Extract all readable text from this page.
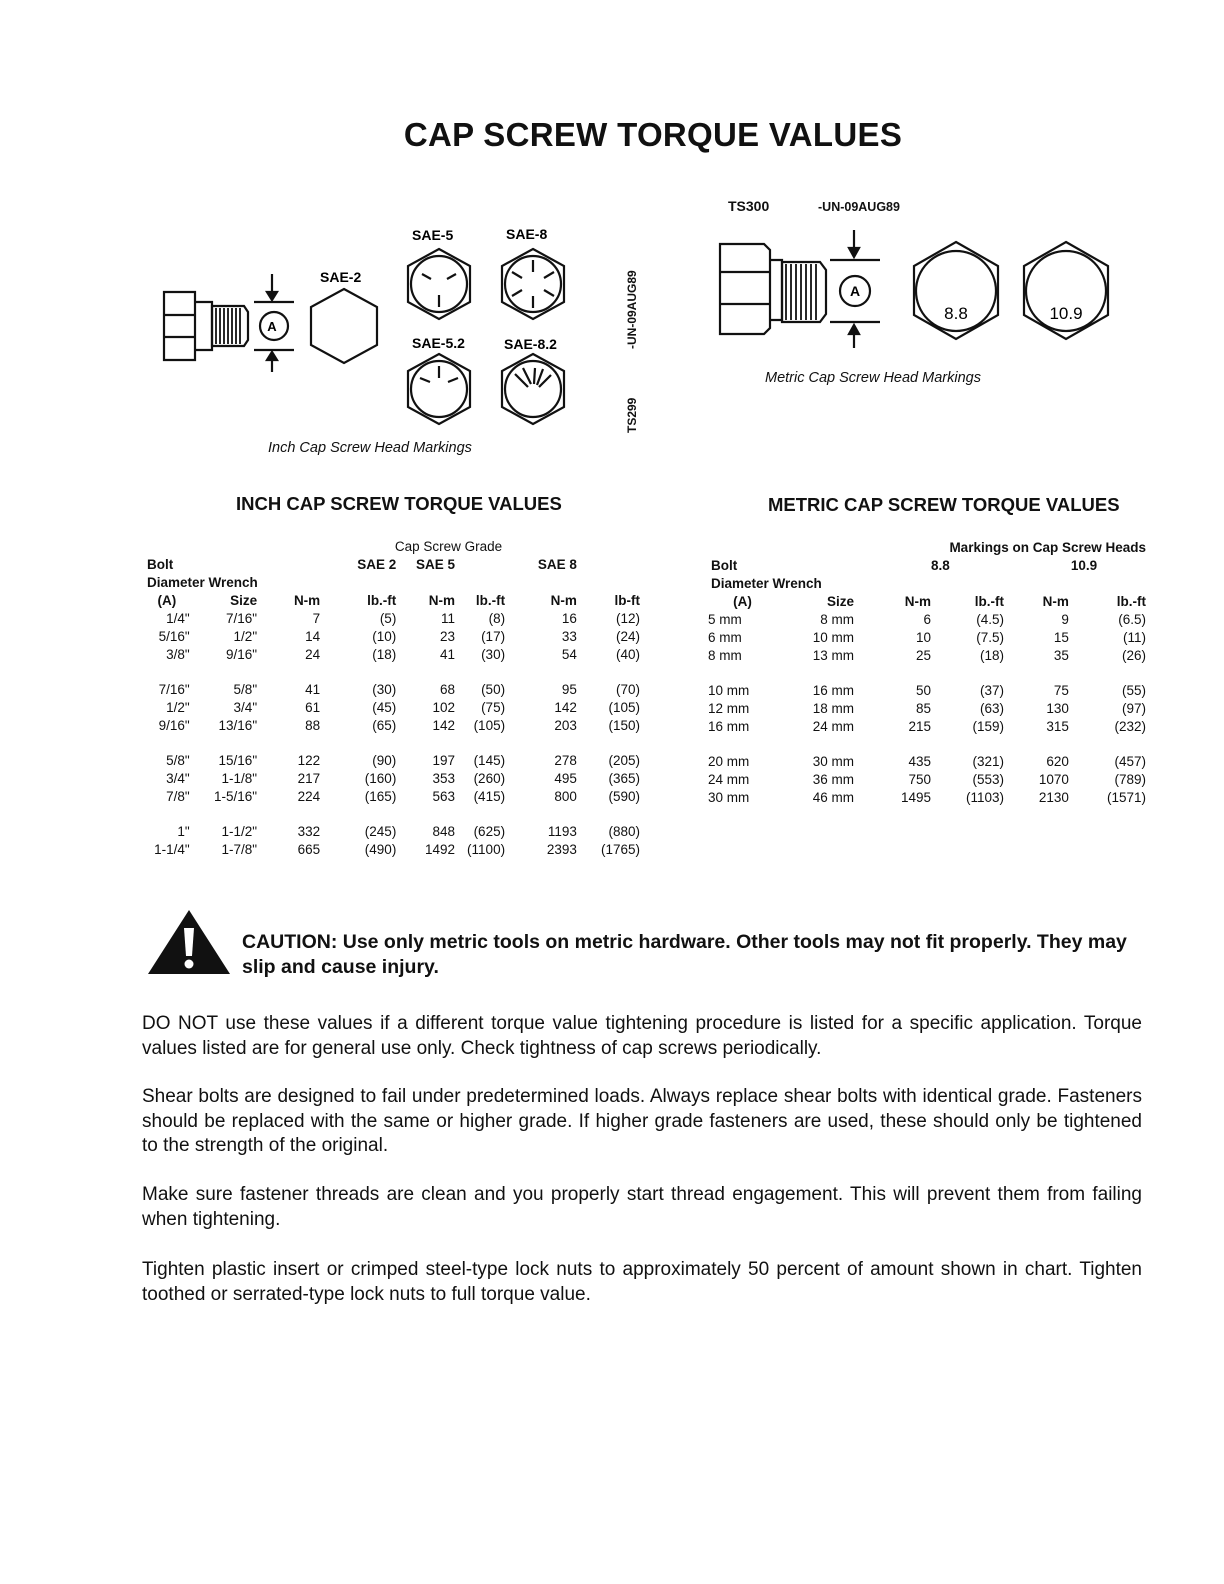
CAP SCREW TORQUE VALUES
A
SAE-2
SAE-5	SAE-8
SAE-5.2	SAE-8.2	-UN-09AUG89
TS299
Inch Cap Screw Head Markings
TS300	-UN-09AUG89
A
8.8	10.9
Metric Cap Screw Head Markings
INCH CAP SCREW TORQUE VALUES	METRIC CAP SCREW TORQUE VALUES
			Cap Screw Grade				
Bolt			SAE 2	SAE 5		SAE 8	
Diameter Wrench							
(A)	Size	N-m	lb.-ft	N-m	lb.-ft	N-m	lb-ft
1/4"	7/16"	7	(5)	11	(8)	16	(12)
5/16"	1/2"	14	(10)	23	(17)	33	(24)
3/8"	9/16"	24	(18)	41	(30)	54	(40)

7/16"	5/8"	41	(30)	68	(50)	95	(70)
1/2"	3/4"	61	(45)	102	(75)	142	(105)
9/16"	13/16"	88	(65)	142	(105)	203	(150)

5/8"	15/16"	122	(90)	197	(145)	278	(205)
3/4"	1-1/8"	217	(160)	353	(260)	495	(365)
7/8"	1-5/16"	224	(165)	563	(415)	800	(590)

1"	1-1/2"	332	(245)	848	(625)	1193	(880)
1-1/4"	1-7/8"	665	(490)	1492	(1100)	2393	(1765)
		Markings on Cap Screw Heads			
Bolt			8.8		10.9
Diameter Wrench					
(A)	Size	N-m	lb.-ft	N-m	lb.-ft
5 mm	8 mm	6	(4.5)	9	(6.5)
6 mm	10 mm	10	(7.5)	15	(11)
8 mm	13 mm	25	(18)	35	(26)

10 mm	16 mm	50	(37)	75	(55)
12 mm	18 mm	85	(63)	130	(97)
16 mm	24 mm	215	(159)	315	(232)

20 mm	30 mm	435	(321)	620	(457)
24 mm	36 mm	750	(553)	1070	(789)
30 mm	46 mm	1495	(1103)	2130	(1571)
CAUTION: Use only metric tools on metric hardware. Other tools may not fit properly. They may slip and cause injury.
DO NOT use these values if a different torque value tightening procedure is listed for a specific application. Torque values listed are for general use only. Check tightness of cap screws periodically.
Shear bolts are designed to fail under predetermined loads. Always replace shear bolts with identical grade. Fasteners should be replaced with the same or higher grade. If higher grade fasteners are used, these should only be tightened to the strength of the original.
Make sure fastener threads are clean and you properly start thread engagement. This will prevent them from failing when tightening.
Tighten plastic insert or crimped steel-type lock nuts to approximately 50 percent of amount shown in chart. Tighten toothed or serrated-type lock nuts to full torque value.
